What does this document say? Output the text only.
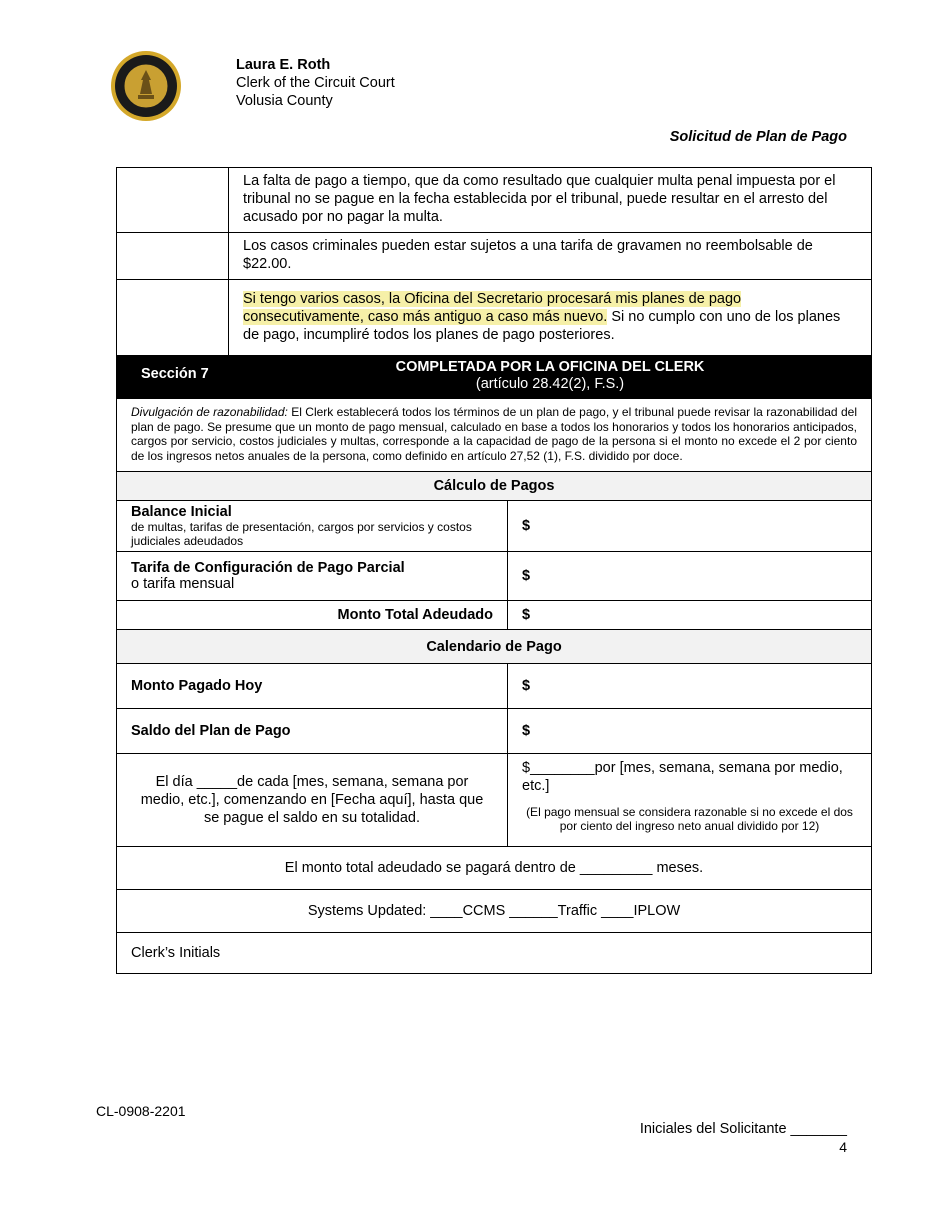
Laura E. Roth
Clerk of the Circuit Court
Volusia County
Solicitud de Plan de Pago
	La falta de pago a tiempo, que da como resultado que cualquier multa penal impuesta por el tribunal no se pague en la fecha establecida por el tribunal, puede resultar en el arresto del acusado por no pagar la multa.	
	Los casos criminales pueden estar sujetos a una tarifa de gravamen no reembolsable de $22.00.	
	Si tengo varios casos, la Oficina del Secretario procesará mis planes de pago consecutivamente, caso más antiguo a caso más nuevo. Si no cumplo con uno de los planes de pago, incumpliré todos los planes de pago posteriores.	
Sección 7	COMPLETADA POR LA OFICINA DEL CLERK
(artículo 28.42(2), F.S.)	

Divulgación de razonabilidad: El Clerk establecerá todos los términos de un plan de pago, y el tribunal puede revisar la razonabilidad del plan de pago. Se presume que un monto de pago mensual, calculado en base a todos los honorarios y todos los honorarios anticipados, cargos por servicio, costos judiciales y multas, corresponde a la capacidad de pago de la persona si el monto no excede el 2 por ciento de los ingresos netos anuales de la persona, como definido en artículo 27,52 (1), F.S. dividido por doce.		
Cálculo de Pagos		

Balance Inicial
de multas, tarifas de presentación, cargos por servicios y costos judiciales adeudados		$

Tarifa de Configuración de Pago Parcial
o tarifa mensual		$
Monto Total Adeudado		$
Calendario de Pago		
Monto Pagado Hoy		$
Saldo del Plan de Pago		$
El día _____de cada [mes, semana, semana por medio, etc.], comenzando en [Fecha aquí], hasta que se pague el saldo en su totalidad.		$________por [mes, semana, semana por medio, etc.]
(El pago mensual se considera razonable si no excede el dos por ciento del ingreso neto anual dividido por 12)

El monto total adeudado se pagará dentro de _________ meses.		
Systems Updated: ____CCMS ______Traffic ____IPLOW		
Clerk’s Initials		
CL-0908-2201
Iniciales del Solicitante _______
4
